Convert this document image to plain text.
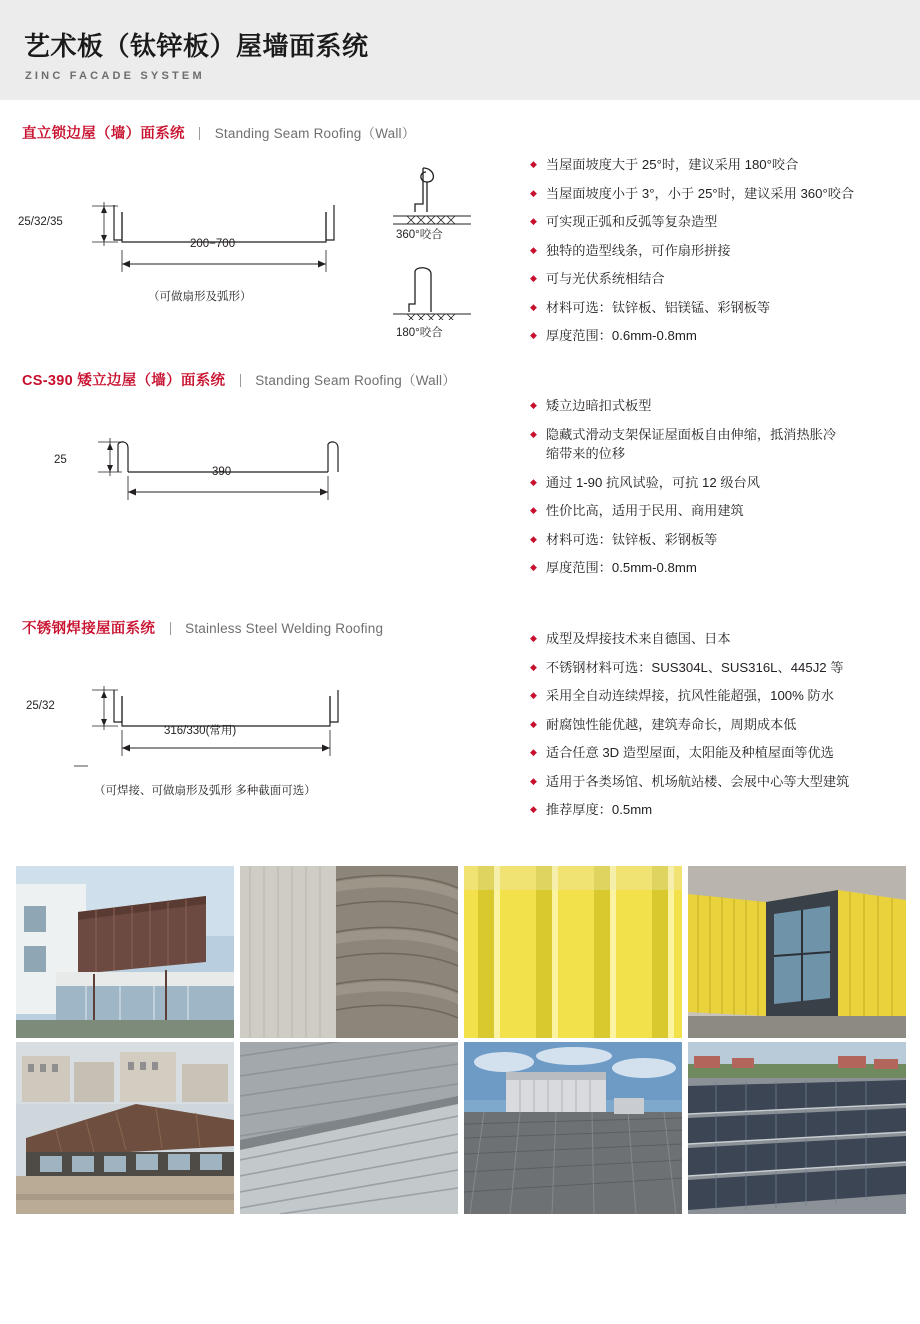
艺术板（钛锌板）屋墙面系统
ZINC FACADE SYSTEM
直立锁边屋（墙）面系统 Standing Seam Roofing（Wall）
25/32/35
200−700
（可做扇形及弧形）
360°咬合
180°咬合
◆ 当屋面坡度大于 25°时，建议采用 180°咬合
◆ 当屋面坡度小于 3°，小于 25°时，建议采用 360°咬合
◆ 可实现正弧和反弧等复杂造型
◆ 独特的造型线条，可作扇形拼接
◆ 可与光伏系统相结合
◆ 材料可选：钛锌板、铝镁锰、彩钢板等
◆ 厚度范围：0.6mm-0.8mm
CS-390 矮立边屋（墙）面系统 Standing Seam Roofing（Wall）
25
390
◆ 矮立边暗扣式板型
◆ 隐藏式滑动支架保证屋面板自由伸缩，抵消热胀冷
缩带来的位移
◆ 通过 1-90 抗风试验，可抗 12 级台风
◆ 性价比高，适用于民用、商用建筑
◆ 材料可选：钛锌板、彩钢板等
◆ 厚度范围：0.5mm-0.8mm
不锈钢焊接屋面系统 Stainless Steel Welding Roofing
25/32
316/330(常用)
（可焊接、可做扇形及弧形 多种截面可选）
◆ 成型及焊接技术来自德国、日本
◆ 不锈钢材料可选：SUS304L、SUS316L、445J2 等
◆ 采用全自动连续焊接，抗风性能超强，100% 防水
◆ 耐腐蚀性能优越，建筑寿命长，周期成本低
◆ 适合任意 3D 造型屋面，太阳能及种植屋面等优选
◆ 适用于各类场馆、机场航站楼、会展中心等大型建筑
◆ 推荐厚度：0.5mm
